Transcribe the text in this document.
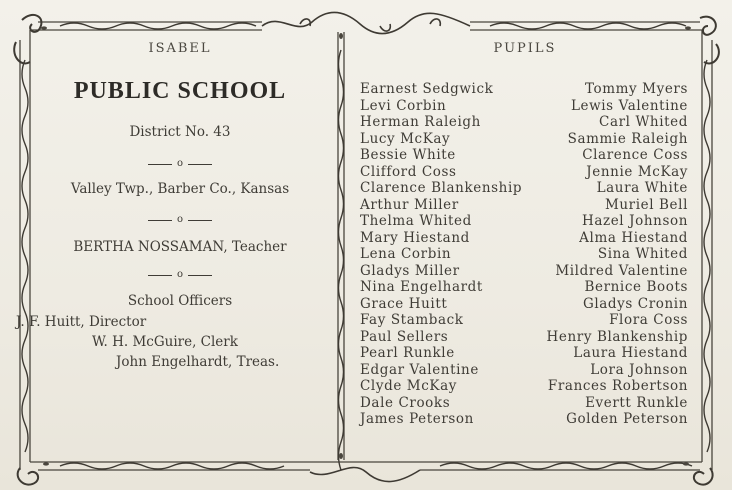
ISABEL
PUBLIC SCHOOL
District No. 43
o
Valley Twp., Barber Co., Kansas
o
BERTHA NOSSAMAN, Teacher
o
School Officers
J. F. Huitt, Director
W. H. McGuire, Clerk
John Engelhardt, Treas.
PUPILS
Earnest Sedgwick
Levi Corbin
Herman Raleigh
Lucy McKay
Bessie White
Clifford Coss
Clarence Blankenship
Arthur Miller
Thelma Whited
Mary Hiestand
Lena Corbin
Gladys Miller
Nina Engelhardt
Grace Huitt
Fay Stamback
Paul Sellers
Pearl Runkle
Edgar Valentine
Clyde McKay
Dale Crooks
James Peterson
Tommy Myers
Lewis Valentine
Carl Whited
Sammie Raleigh
Clarence Coss
Jennie McKay
Laura White
Muriel Bell
Hazel Johnson
Alma Hiestand
Sina Whited
Mildred Valentine
Bernice Boots
Gladys Cronin
Flora Coss
Henry Blankenship
Laura Hiestand
Lora Johnson
Frances Robertson
Evertt Runkle
Golden Peterson
